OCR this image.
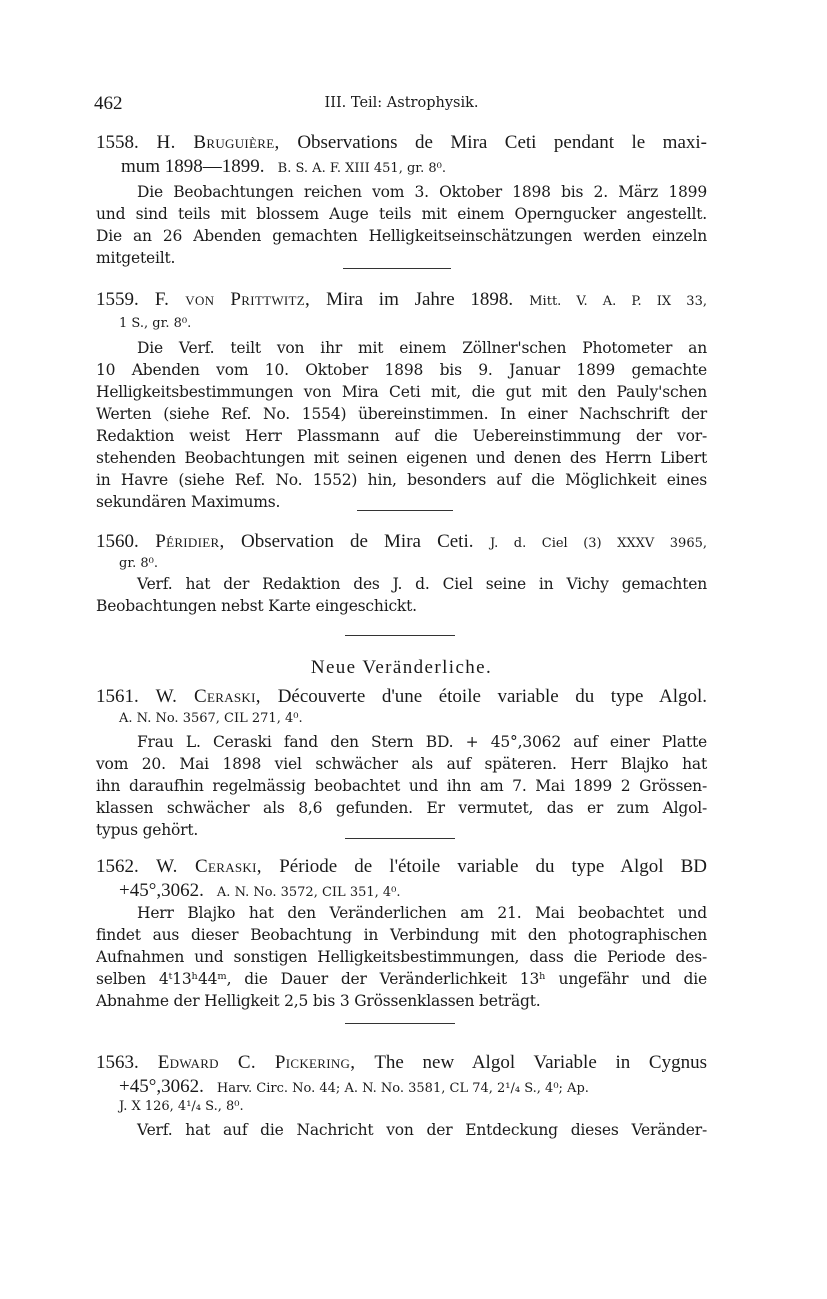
462	III. Teil: Astrophysik.
1558. H. Bruguière, Observations de Mira Ceti pendant le maxi-
mum 1898—1899. B. S. A. F. XIII 451, gr. 8⁰.
Die Beobachtungen reichen vom 3. Oktober 1898 bis 2. März 1899
und sind teils mit blossem Auge teils mit einem Operngucker angestellt.
Die an 26 Abenden gemachten Helligkeitseinschätzungen werden einzeln
mitgeteilt.
1559. F. von Prittwitz, Mira im Jahre 1898. Mitt. V. A. P. IX 33,
1 S., gr. 8⁰.
Die Verf. teilt von ihr mit einem Zöllner'schen Photometer an
10 Abenden vom 10. Oktober 1898 bis 9. Januar 1899 gemachte
Helligkeitsbestimmungen von Mira Ceti mit, die gut mit den Pauly'schen
Werten (siehe Ref. No. 1554) übereinstimmen. In einer Nachschrift der
Redaktion weist Herr Plassmann auf die Uebereinstimmung der vor-
stehenden Beobachtungen mit seinen eigenen und denen des Herrn Libert
in Havre (siehe Ref. No. 1552) hin, besonders auf die Möglichkeit eines
sekundären Maximums.
1560. Péridier, Observation de Mira Ceti. J. d. Ciel (3) XXXV 3965,
gr. 8⁰.
Verf. hat der Redaktion des J. d. Ciel seine in Vichy gemachten
Beobachtungen nebst Karte eingeschickt.
Neue Veränderliche.
1561. W. Ceraski, Découverte d'une étoile variable du type Algol.
A. N. No. 3567, CIL 271, 4⁰.
Frau L. Ceraski fand den Stern BD. + 45°,3062 auf einer Platte
vom 20. Mai 1898 viel schwächer als auf späteren. Herr Blajko hat
ihn daraufhin regelmässig beobachtet und ihn am 7. Mai 1899 2 Grössen-
klassen schwächer als 8,6 gefunden. Er vermutet, das er zum Algol-
typus gehört.
1562. W. Ceraski, Période de l'étoile variable du type Algol BD
+45°,3062. A. N. No. 3572, CIL 351, 4⁰.
Herr Blajko hat den Veränderlichen am 21. Mai beobachtet und
findet aus dieser Beobachtung in Verbindung mit den photographischen
Aufnahmen und sonstigen Helligkeitsbestimmungen, dass die Periode des-
selben 4ᵗ13ʰ44ᵐ, die Dauer der Veränderlichkeit 13ʰ ungefähr und die
Abnahme der Helligkeit 2,5 bis 3 Grössenklassen beträgt.
1563. Edward C. Pickering, The new Algol Variable in Cygnus
+45°,3062. Harv. Circ. No. 44; A. N. No. 3581, CL 74, 2¹/₄ S., 4⁰; Ap.
J. X 126, 4¹/₄ S., 8⁰.
Verf. hat auf die Nachricht von der Entdeckung dieses Veränder-
